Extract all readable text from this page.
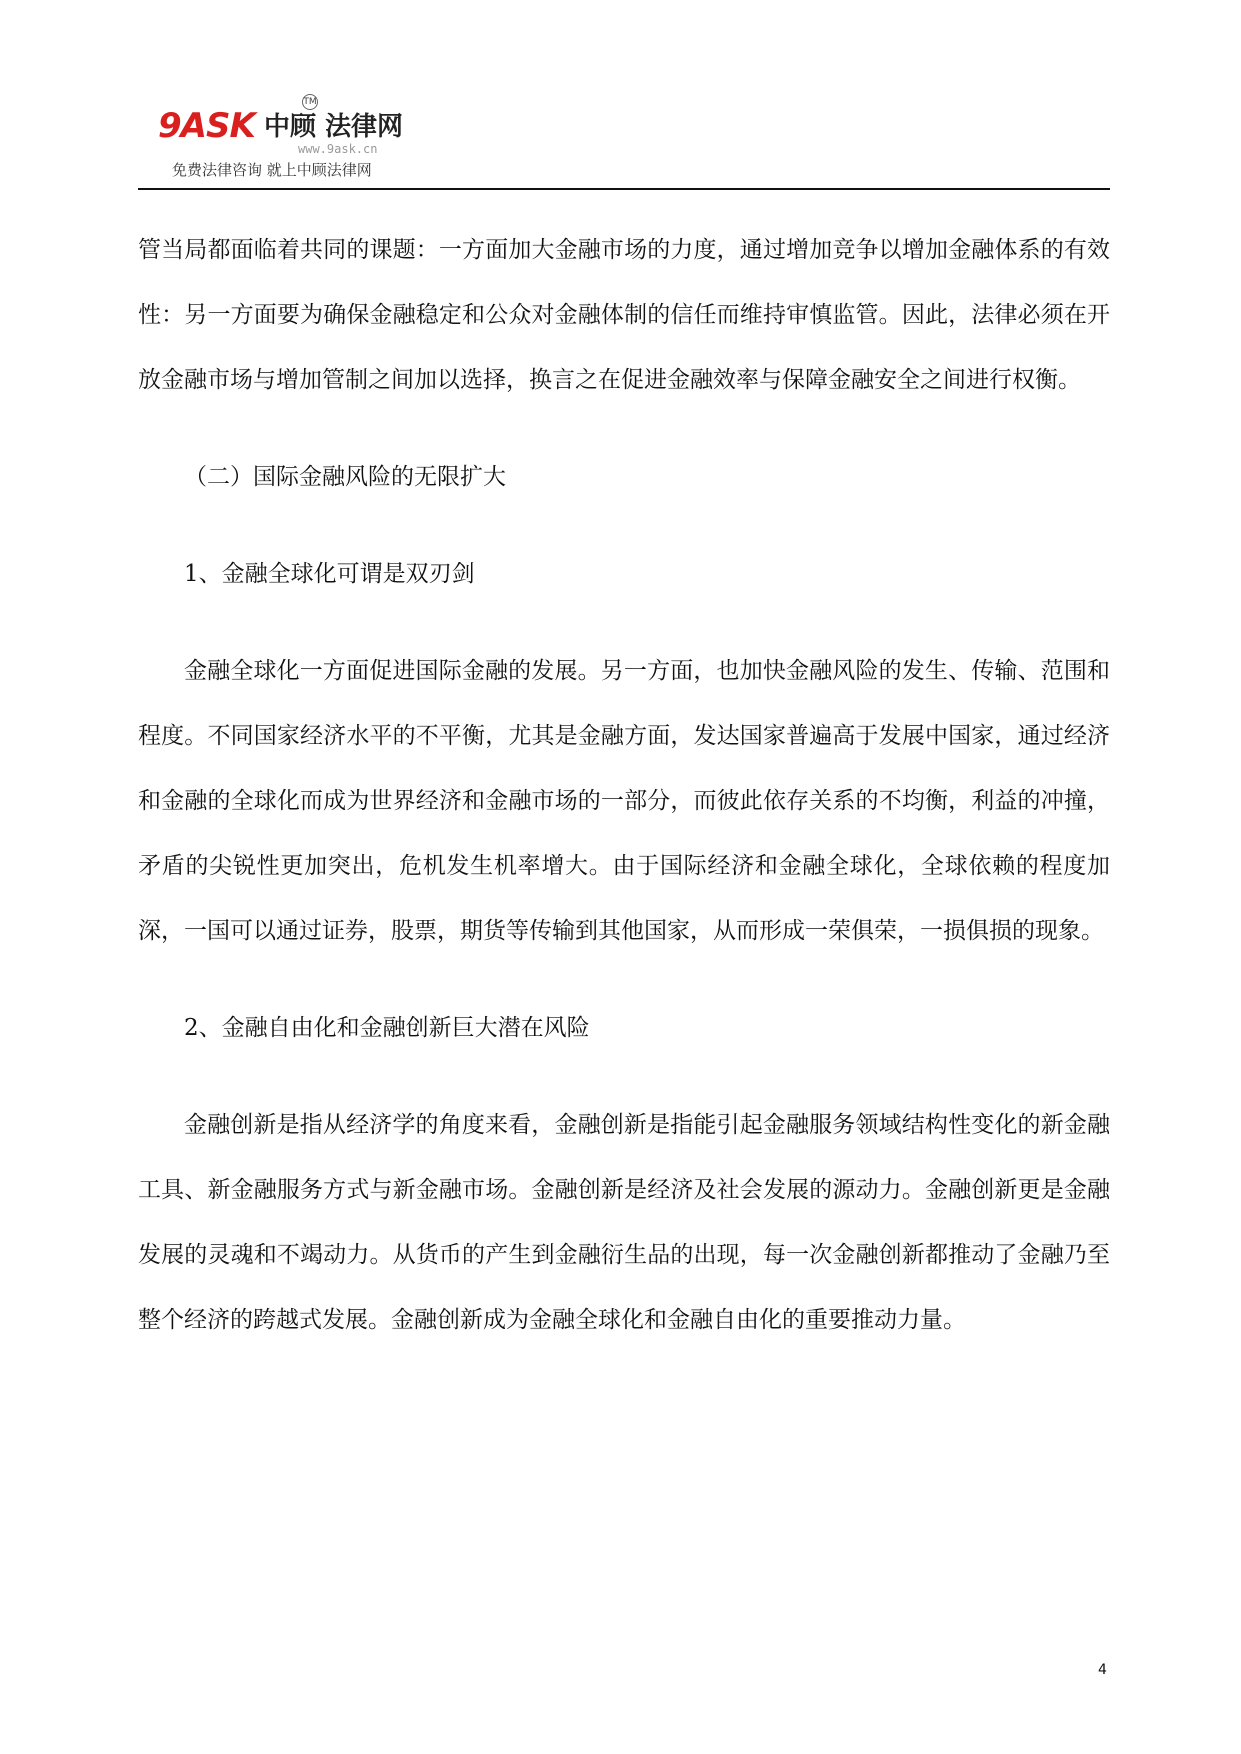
9ASK 中顾 法律网
TM
www.9ask.cn
免费法律咨询 就上中顾法律网

管当局都面临着共同的课题：一方面加大金融市场的力度，通过增加竞争以增加金融体系的有效性：另一方面要为确保金融稳定和公众对金融体制的信任而维持审慎监管。因此，法律必须在开放金融市场与增加管制之间加以选择，换言之在促进金融效率与保障金融安全之间进行权衡。

（二）国际金融风险的无限扩大

1、金融全球化可谓是双刃剑

金融全球化一方面促进国际金融的发展。另一方面，也加快金融风险的发生、传输、范围和程度。不同国家经济水平的不平衡，尤其是金融方面，发达国家普遍高于发展中国家，通过经济和金融的全球化而成为世界经济和金融市场的一部分，而彼此依存关系的不均衡，利益的冲撞，矛盾的尖锐性更加突出，危机发生机率增大。由于国际经济和金融全球化，全球依赖的程度加深，一国可以通过证券，股票，期货等传输到其他国家，从而形成一荣俱荣，一损俱损的现象。

2、金融自由化和金融创新巨大潜在风险

金融创新是指从经济学的角度来看，金融创新是指能引起金融服务领域结构性变化的新金融工具、新金融服务方式与新金融市场。金融创新是经济及社会发展的源动力。金融创新更是金融发展的灵魂和不竭动力。从货币的产生到金融衍生品的出现，每一次金融创新都推动了金融乃至整个经济的跨越式发展。金融创新成为金融全球化和金融自由化的重要推动力量。

4
